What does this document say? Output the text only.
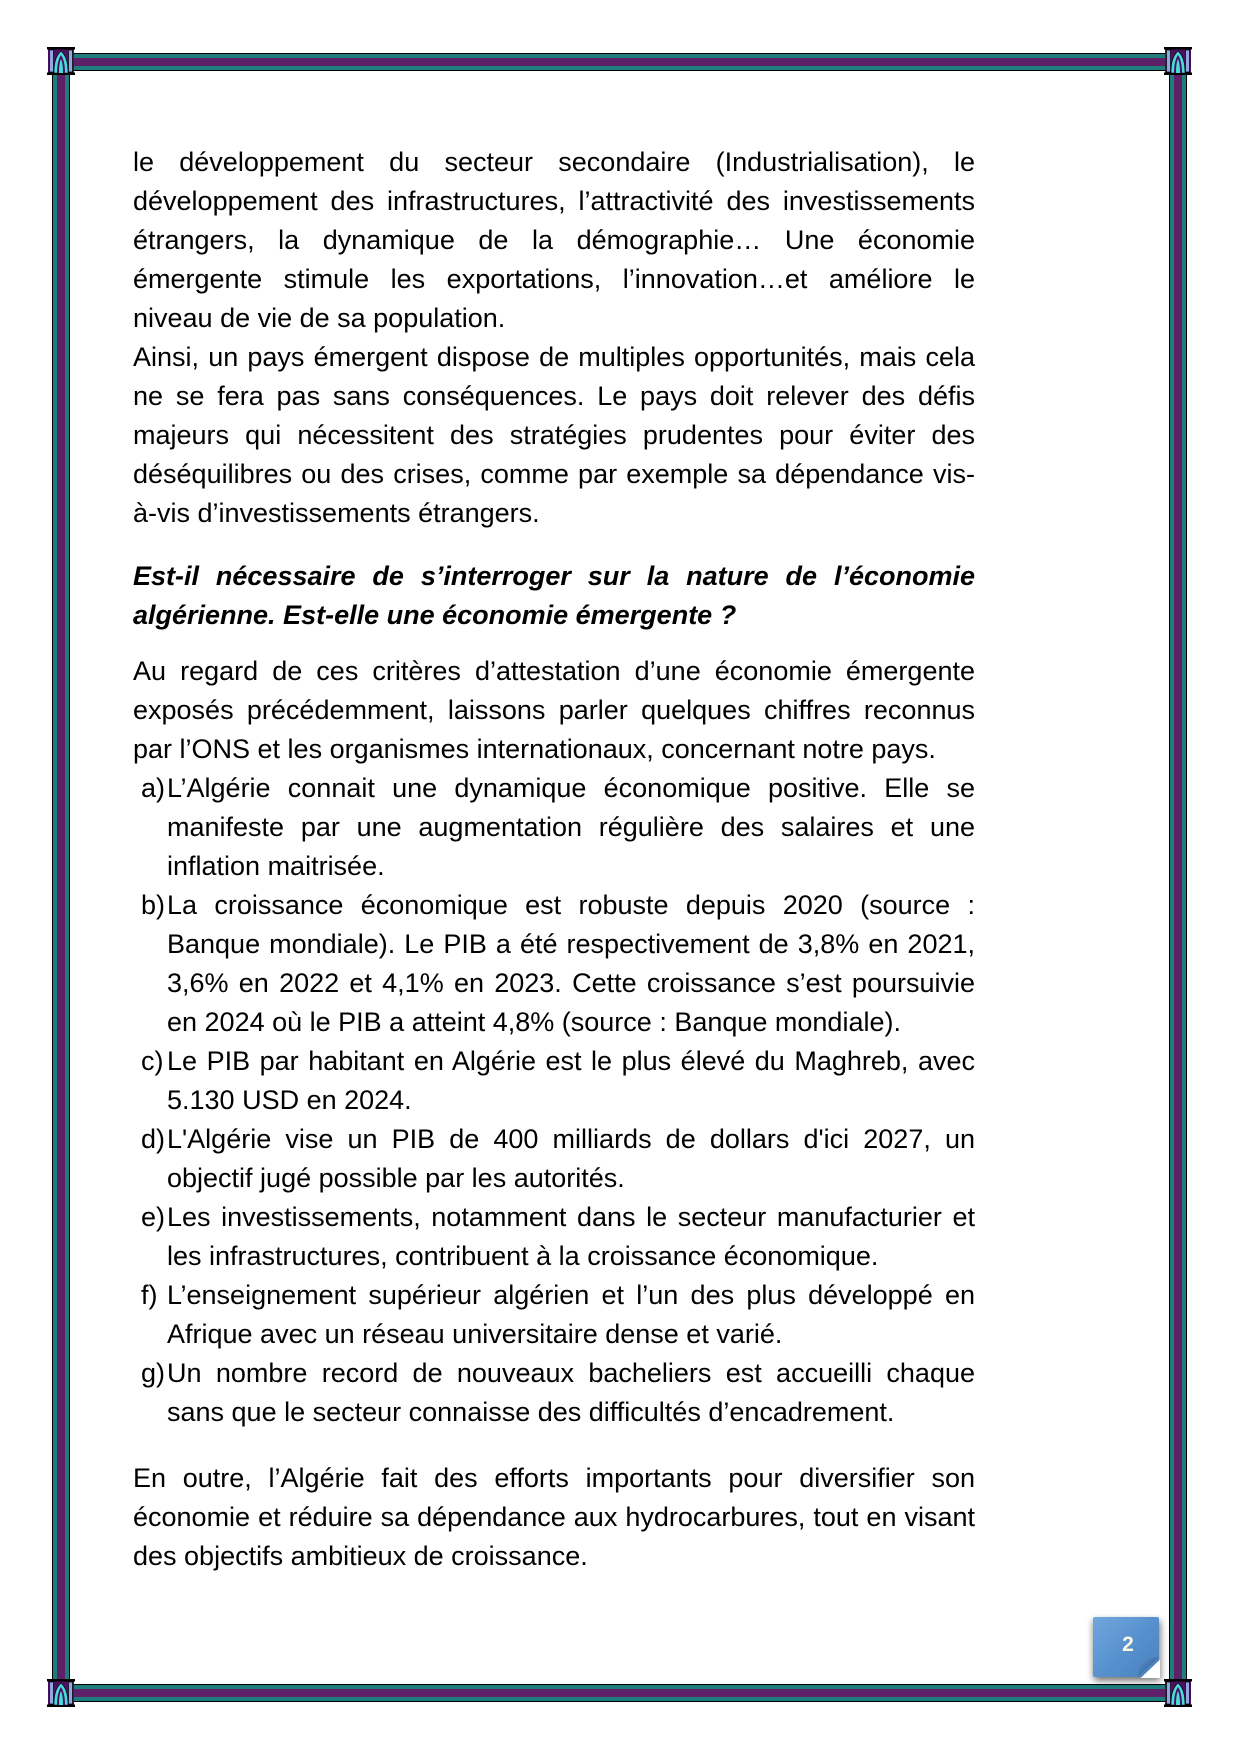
le développement du secteur secondaire (Industrialisation), le développement des infrastructures, l’attractivité des investissements étrangers, la dynamique de la démographie… Une économie émergente stimule les exportations, l’innovation…et améliore le niveau de vie de sa population.
Ainsi, un pays émergent dispose de multiples opportunités, mais cela ne se fera pas sans conséquences. Le pays doit relever des défis majeurs qui nécessitent des stratégies prudentes pour éviter des déséquilibres ou des crises, comme par exemple sa dépendance vis-à-vis d’investissements étrangers.
Est-il nécessaire de s’interroger sur la nature de l’économie algérienne. Est-elle une économie émergente ?
Au regard de ces critères d’attestation d’une économie émergente exposés précédemment, laissons parler quelques chiffres reconnus par l’ONS et les organismes internationaux, concernant notre pays.
a) L’Algérie connait une dynamique économique positive. Elle se manifeste par une augmentation régulière des salaires et une inflation maitrisée.
b) La croissance économique est robuste depuis 2020 (source : Banque mondiale). Le PIB a été respectivement de 3,8% en 2021, 3,6% en 2022 et 4,1% en 2023. Cette croissance s’est poursuivie en 2024 où le PIB a atteint 4,8% (source : Banque mondiale).
c) Le PIB par habitant en Algérie est le plus élevé du Maghreb, avec 5.130 USD en 2024.
d) L'Algérie vise un PIB de 400 milliards de dollars d'ici 2027, un objectif jugé possible par les autorités.
e) Les investissements, notamment dans le secteur manufacturier et les infrastructures, contribuent à la croissance économique.
f) L’enseignement supérieur algérien et l’un des plus développé en Afrique avec un réseau universitaire dense et varié.
g) Un nombre record de nouveaux bacheliers est accueilli chaque sans que le secteur connaisse des difficultés d’encadrement.
En outre, l’Algérie fait des efforts importants pour diversifier son économie et réduire sa dépendance aux hydrocarbures, tout en visant des objectifs ambitieux de croissance.
2
